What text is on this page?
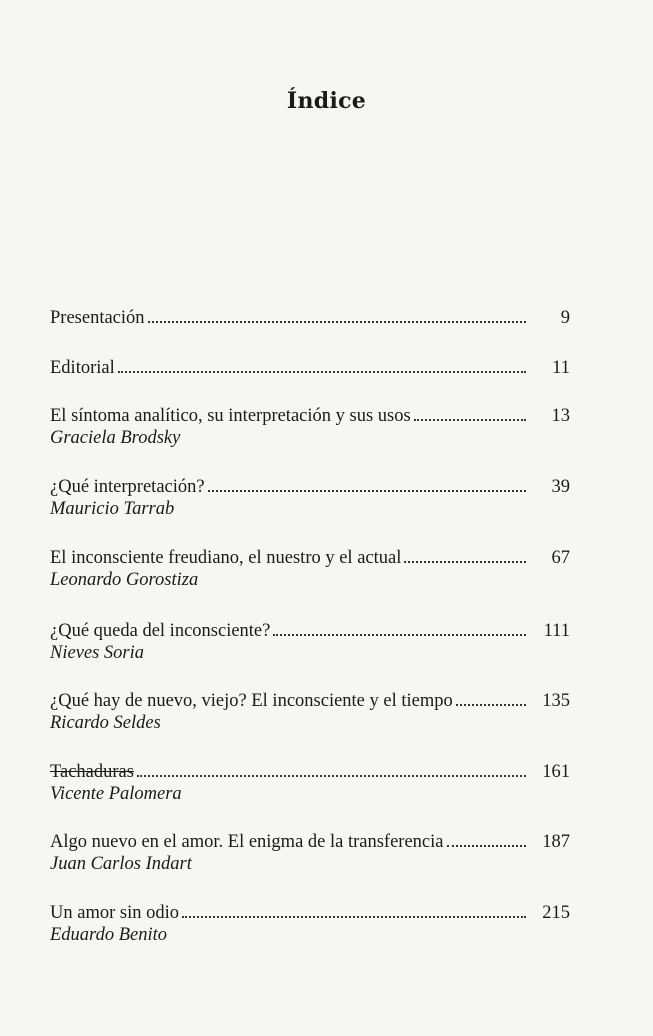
Índice
Presentación	9
Editorial	11
El síntoma analítico, su interpretación y sus usos	13
Graciela Brodsky
¿Qué interpretación?	39
Mauricio Tarrab
El inconsciente freudiano, el nuestro y el actual	67
Leonardo Gorostiza
¿Qué queda del inconsciente?	111
Nieves Soria
¿Qué hay de nuevo, viejo? El inconsciente y el tiempo	135
Ricardo Seldes
Tachaduras	161
Vicente Palomera
Algo nuevo en el amor. El enigma de la transferencia	187
Juan Carlos Indart
Un amor sin odio	215
Eduardo Benito
